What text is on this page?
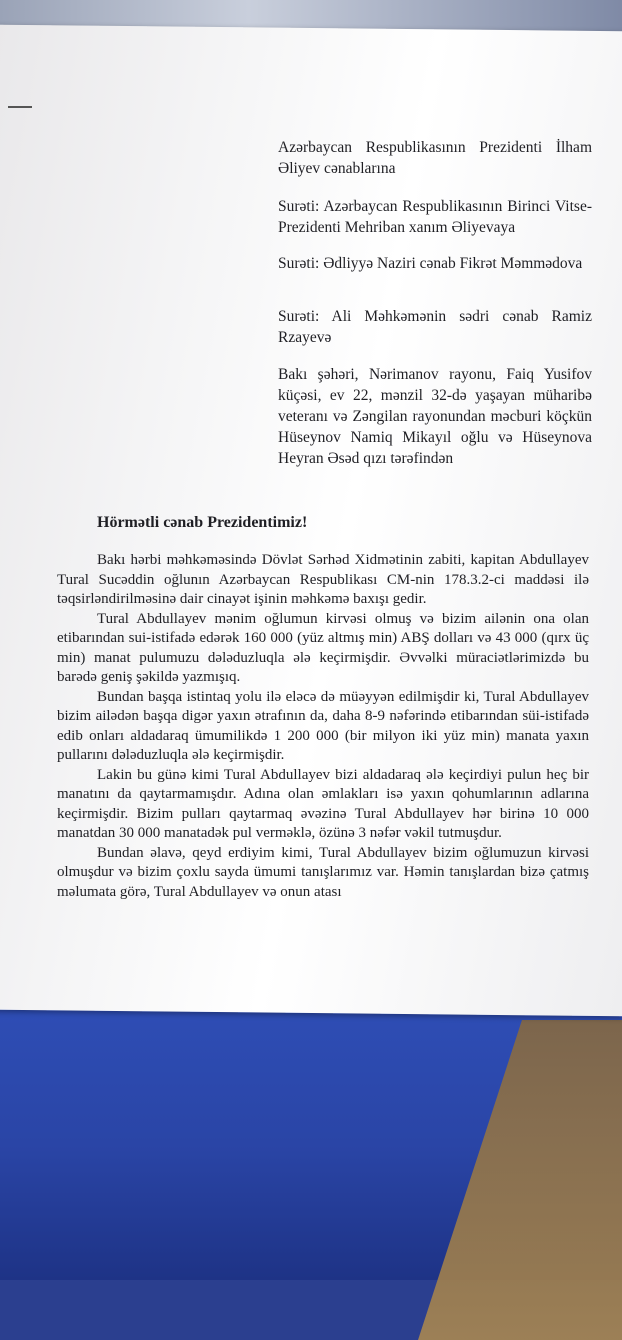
Azərbaycan Respublikasının Prezidenti İlham Əliyev cənablarına
Surəti: Azərbaycan Respublikasının Birinci Vitse-Prezidenti Mehriban xanım Əliyevaya
Surəti: Ədliyyə Naziri cənab Fikrət Məmmədova
Surəti: Ali Məhkəmənin sədri cənab Ramiz Rzayevə
Bakı şəhəri, Nərimanov rayonu, Faiq Yusifov küçəsi, ev 22, mənzil 32-də yaşayan müharibə veteranı və Zəngilan rayonundan məcburi köçkün Hüseynov Namiq Mikayıl oğlu və Hüseynova Heyran Əsəd qızı tərəfindən
Hörmətli cənab Prezidentimiz!

Bakı hərbi məhkəməsində Dövlət Sərhəd Xidmətinin zabiti, kapitan Abdullayev Tural Sucəddin oğlunın Azərbaycan Respublikası CM-nin 178.3.2-ci maddəsi ilə təqsirləndirilməsinə dair cinayət işinin məhkəmə baxışı gedir.

Tural Abdullayev mənim oğlumun kirvəsi olmuş və bizim ailənin ona olan etibarından sui-istifadə edərək 160 000 (yüz altmış min) ABŞ dolları və 43 000 (qırx üç min) manat pulumuzu dələduzluqla ələ keçirmişdir. Əvvəlki müraciətlərimizdə bu barədə geniş şəkildə yazmışıq.

Bundan başqa istintaq yolu ilə eləcə də müəyyən edilmişdir ki, Tural Abdullayev bizim ailədən başqa digər yaxın ətrafının da, daha 8-9 nəfərində etibarından süi-istifadə edib onları aldadaraq ümumilikdə 1 200 000 (bir milyon iki yüz min) manata yaxın pullarını dələduzluqla ələ keçirmişdir.

Lakin bu günə kimi Tural Abdullayev bizi aldadaraq ələ keçirdiyi pulun heç bir manatını da qaytarmamışdır. Adına olan əmlakları isə yaxın qohumlarının adlarına keçirmişdir. Bizim pulları qaytarmaq əvəzinə Tural Abdullayev hər birinə 10 000 manatdan 30 000 manatadək pul verməklə, özünə 3 nəfər vəkil tutmuşdur.

Bundan əlavə, qeyd erdiyim kimi, Tural Abdullayev bizim oğlumuzun kirvəsi olmuşdur və bizim çoxlu sayda ümumi tanışlarımız var. Həmin tanışlardan bizə çatmış məlumata görə, Tural Abdullayev və onun atası
